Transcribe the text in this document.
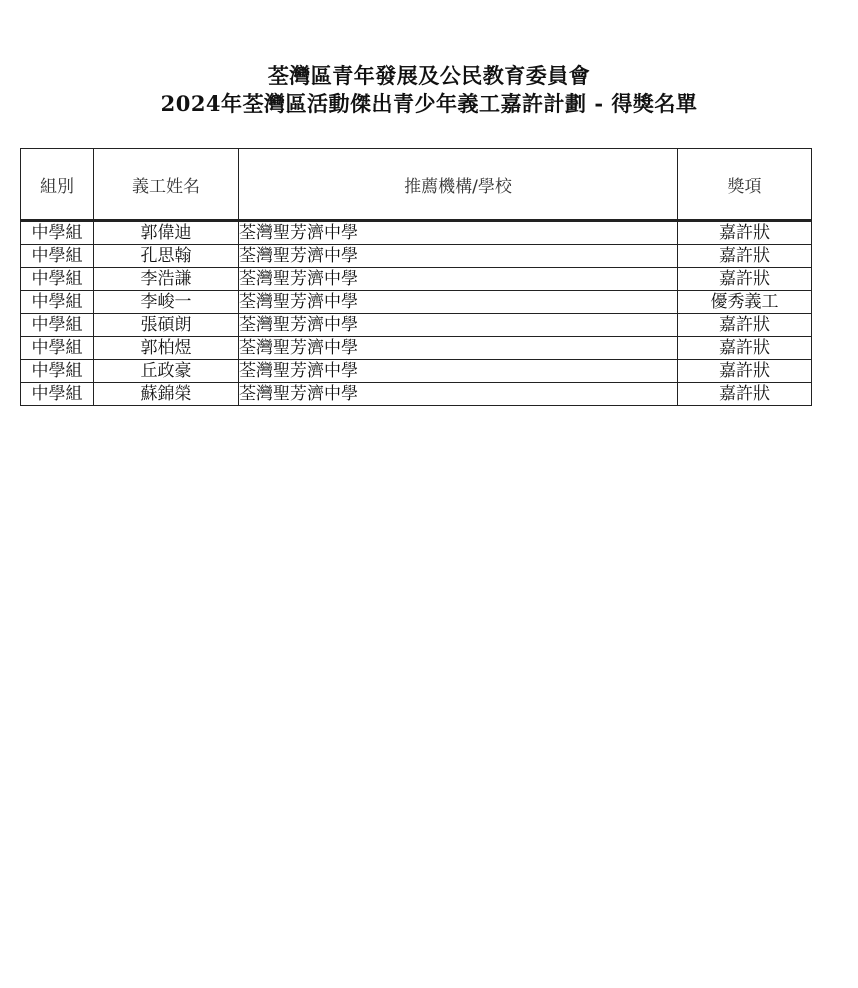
荃灣區青年發展及公民教育委員會
2024年荃灣區活動傑出青少年義工嘉許計劃 - 得獎名單
組別	義工姓名	推薦機構/學校	獎項
中學組	郭偉迪	荃灣聖芳濟中學	嘉許狀
中學組	孔思翰	荃灣聖芳濟中學	嘉許狀
中學組	李浩謙	荃灣聖芳濟中學	嘉許狀
中學組	李峻一	荃灣聖芳濟中學	優秀義工
中學組	張碩朗	荃灣聖芳濟中學	嘉許狀
中學組	郭柏煜	荃灣聖芳濟中學	嘉許狀
中學組	丘政豪	荃灣聖芳濟中學	嘉許狀
中學組	蘇錦榮	荃灣聖芳濟中學	嘉許狀
